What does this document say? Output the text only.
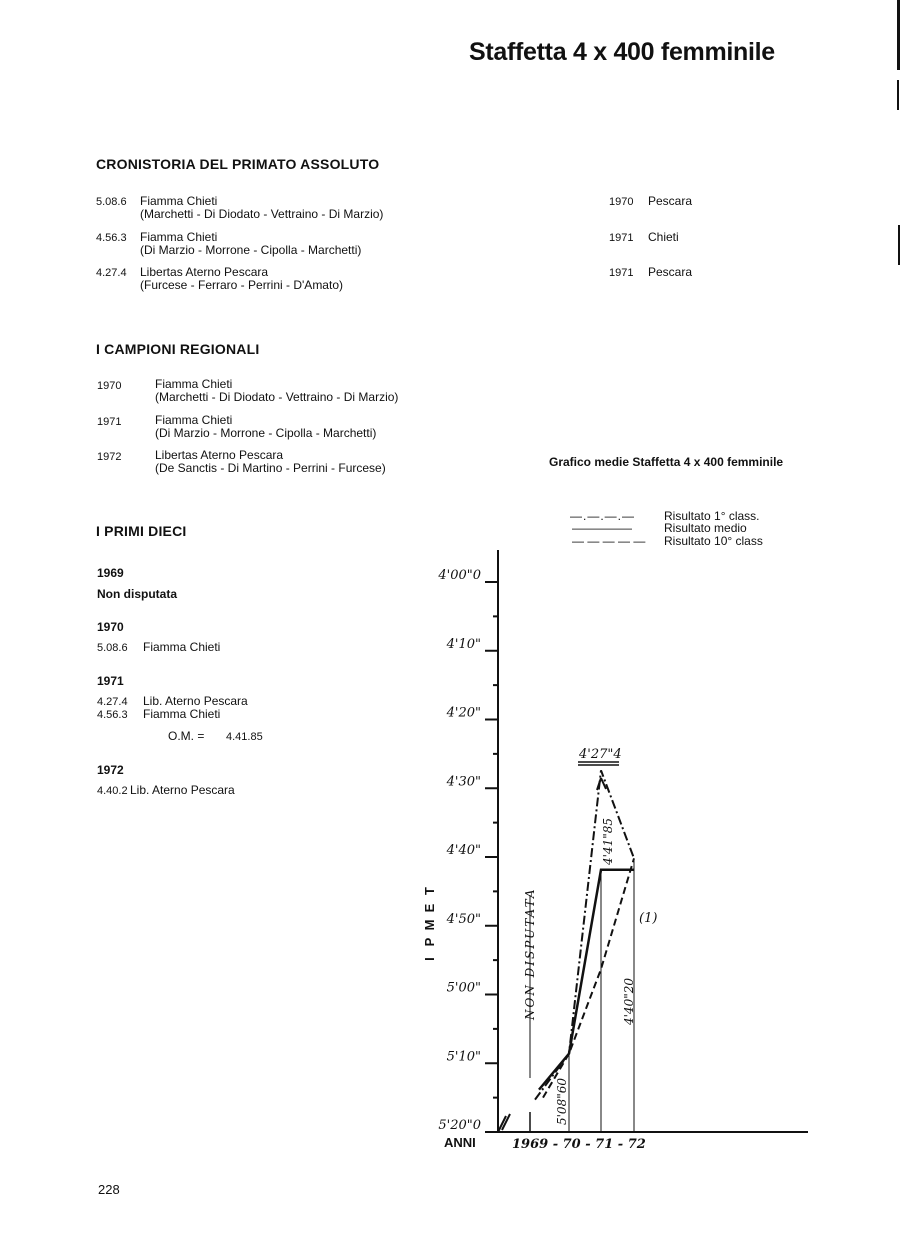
Staffetta 4 x 400 femminile
CRONISTORIA DEL PRIMATO ASSOLUTO
5.08.6 Fiamma Chieti
(Marchetti - Di Diodato - Vettraino - Di Marzio)
1970 Pescara
4.56.3 Fiamma Chieti
(Di Marzio - Morrone - Cipolla - Marchetti)
1971 Chieti
4.27.4 Libertas Aterno Pescara
(Furcese - Ferraro - Perrini - D'Amato)
1971 Pescara
I CAMPIONI REGIONALI
1970	Fiamma Chieti
(Marchetti - Di Diodato - Vettraino - Di Marzio)
1971	Fiamma Chieti
(Di Marzio - Morrone - Cipolla - Marchetti)
1972	Libertas Aterno Pescara
(De Sanctis - Di Martino - Perrini - Furcese)	Grafico medie Staffetta 4 x 400 femminile
I PRIMI DIECI
1969
Non disputata
1970
5.08.6 Fiamma Chieti
1971
4.27.4 Lib. Aterno Pescara
4.56.3 Fiamma Chieti
O.M. = 4.41.85
1972
4.40.2 Lib. Aterno Pescara
—.—.—.— Risultato 1° class.
—————	Risultato medio
— — — — — Risultato 10° class
4'00"0
4'10"
4'20"
4'30"
4'40"
4'50"
5'00"
5'10"
5'20"0
T
E
M
P
I
ANNI	1969 - 70 - 71 - 72
4'27"4
4'41"85
4'40"20
5'08"60
NON DISPUTATA	(1)
228
